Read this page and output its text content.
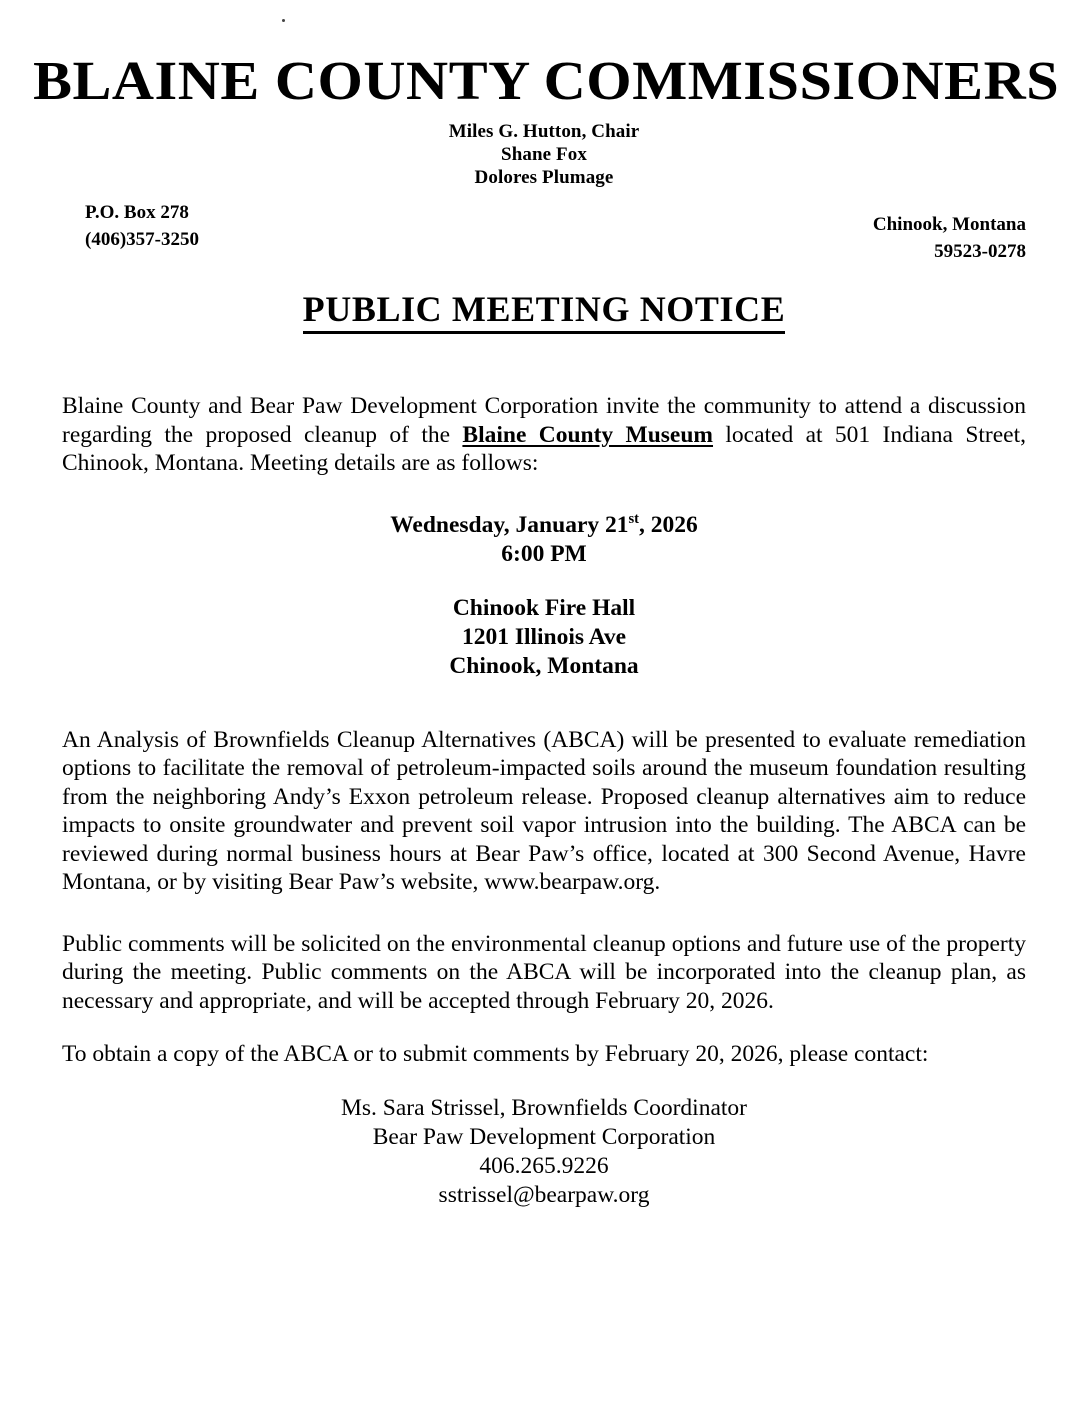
BLAINE COUNTY COMMISSIONERS
Miles G. Hutton, Chair
Shane Fox
Dolores Plumage
P.O. Box 278
(406)357-3250
Chinook, Montana
59523-0278
PUBLIC MEETING NOTICE

Blaine County and Bear Paw Development Corporation invite the community to attend a discussion regarding the proposed cleanup of the Blaine County Museum located at 501 Indiana Street, Chinook, Montana. Meeting details are as follows:

Wednesday, January 21st, 2026
6:00 PM
Chinook Fire Hall
1201 Illinois Ave
Chinook, Montana

An Analysis of Brownfields Cleanup Alternatives (ABCA) will be presented to evaluate remediation options to facilitate the removal of petroleum-impacted soils around the museum foundation resulting from the neighboring Andy’s Exxon petroleum release. Proposed cleanup alternatives aim to reduce impacts to onsite groundwater and prevent soil vapor intrusion into the building. The ABCA can be reviewed during normal business hours at Bear Paw’s office, located at 300 Second Avenue, Havre Montana, or by visiting Bear Paw’s website, www.bearpaw.org.

Public comments will be solicited on the environmental cleanup options and future use of the property during the meeting. Public comments on the ABCA will be incorporated into the cleanup plan, as necessary and appropriate, and will be accepted through February 20, 2026.

To obtain a copy of the ABCA or to submit comments by February 20, 2026, please contact:

Ms. Sara Strissel, Brownfields Coordinator
Bear Paw Development Corporation
406.265.9226
sstrissel@bearpaw.org
